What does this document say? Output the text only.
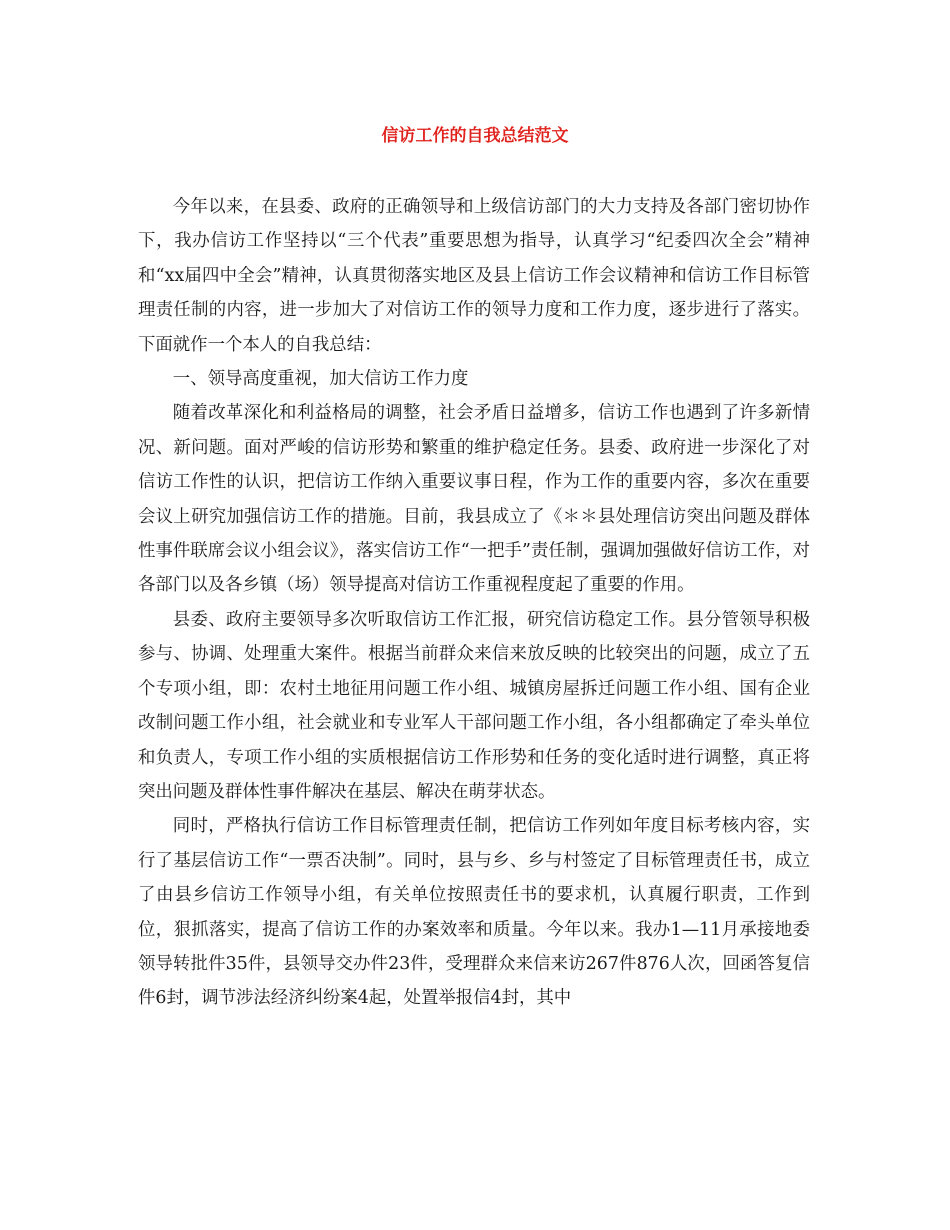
信访工作的自我总结范文

今年以来，在县委、政府的正确领导和上级信访部门的大力支持及各部门密切协作下，我办信访工作坚持以“三个代表”重要思想为指导，认真学习“纪委四次全会”精神和“xx届四中全会”精神，认真贯彻落实地区及县上信访工作会议精神和信访工作目标管理责任制的内容，进一步加大了对信访工作的领导力度和工作力度，逐步进行了落实。下面就作一个本人的自我总结：

一、领导高度重视，加大信访工作力度

随着改革深化和利益格局的调整，社会矛盾日益增多，信访工作也遇到了许多新情况、新问题。面对严峻的信访形势和繁重的维护稳定任务。县委、政府进一步深化了对信访工作性的认识，把信访工作纳入重要议事日程，作为工作的重要内容，多次在重要会议上研究加强信访工作的措施。目前，我县成立了《＊＊县处理信访突出问题及群体性事件联席会议小组会议》，落实信访工作“一把手”责任制，强调加强做好信访工作，对各部门以及各乡镇（场）领导提高对信访工作重视程度起了重要的作用。

县委、政府主要领导多次听取信访工作汇报，研究信访稳定工作。县分管领导积极参与、协调、处理重大案件。根据当前群众来信来放反映的比较突出的问题，成立了五个专项小组，即：农村土地征用问题工作小组、城镇房屋拆迁问题工作小组、国有企业改制问题工作小组，社会就业和专业军人干部问题工作小组，各小组都确定了牵头单位和负责人，专项工作小组的实质根据信访工作形势和任务的变化适时进行调整，真正将突出问题及群体性事件解决在基层、解决在萌芽状态。

同时，严格执行信访工作目标管理责任制，把信访工作列如年度目标考核内容，实行了基层信访工作“一票否决制”。同时，县与乡、乡与村签定了目标管理责任书，成立了由县乡信访工作领导小组，有关单位按照责任书的要求机，认真履行职责，工作到位，狠抓落实，提高了信访工作的办案效率和质量。今年以来。我办1—11月承接地委领导转批件35件，县领导交办件23件，受理群众来信来访267件876人次，回函答复信件6封，调节涉法经济纠纷案4起，处置举报信4封，其中
